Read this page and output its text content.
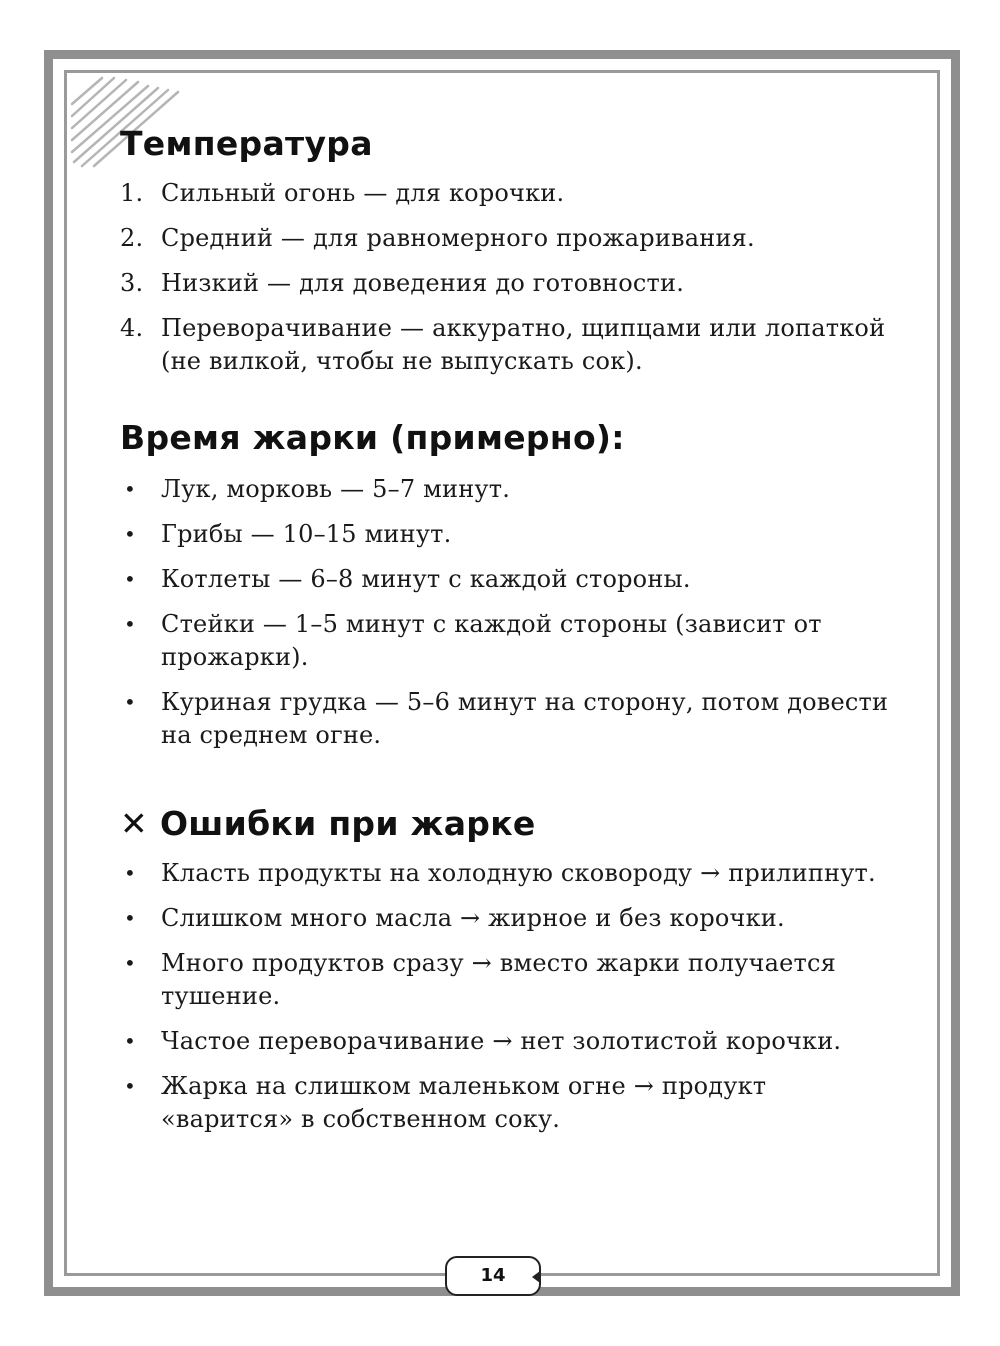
Температура
1. Сильный огонь — для корочки.
2. Средний — для равномерного прожаривания.
3. Низкий — для доведения до готовности.
4. Переворачивание — аккуратно, щипцами или лопаткой (не вилкой, чтобы не выпускать сок).
Время жарки (примерно):
• Лук, морковь — 5–7 минут.
• Грибы — 10–15 минут.
• Котлеты — 6–8 минут с каждой стороны.
• Стейки — 1–5 минут с каждой стороны (зависит от прожарки).
• Куриная грудка — 5–6 минут на сторону, потом довести на среднем огне.
✕ Ошибки при жарке
• Класть продукты на холодную сковороду → прилипнут.
• Слишком много масла → жирное и без корочки.
• Много продуктов сразу → вместо жарки получается тушение.
• Частое переворачивание → нет золотистой корочки.
• Жарка на слишком маленьком огне → продукт «варится» в собственном соку.
14
